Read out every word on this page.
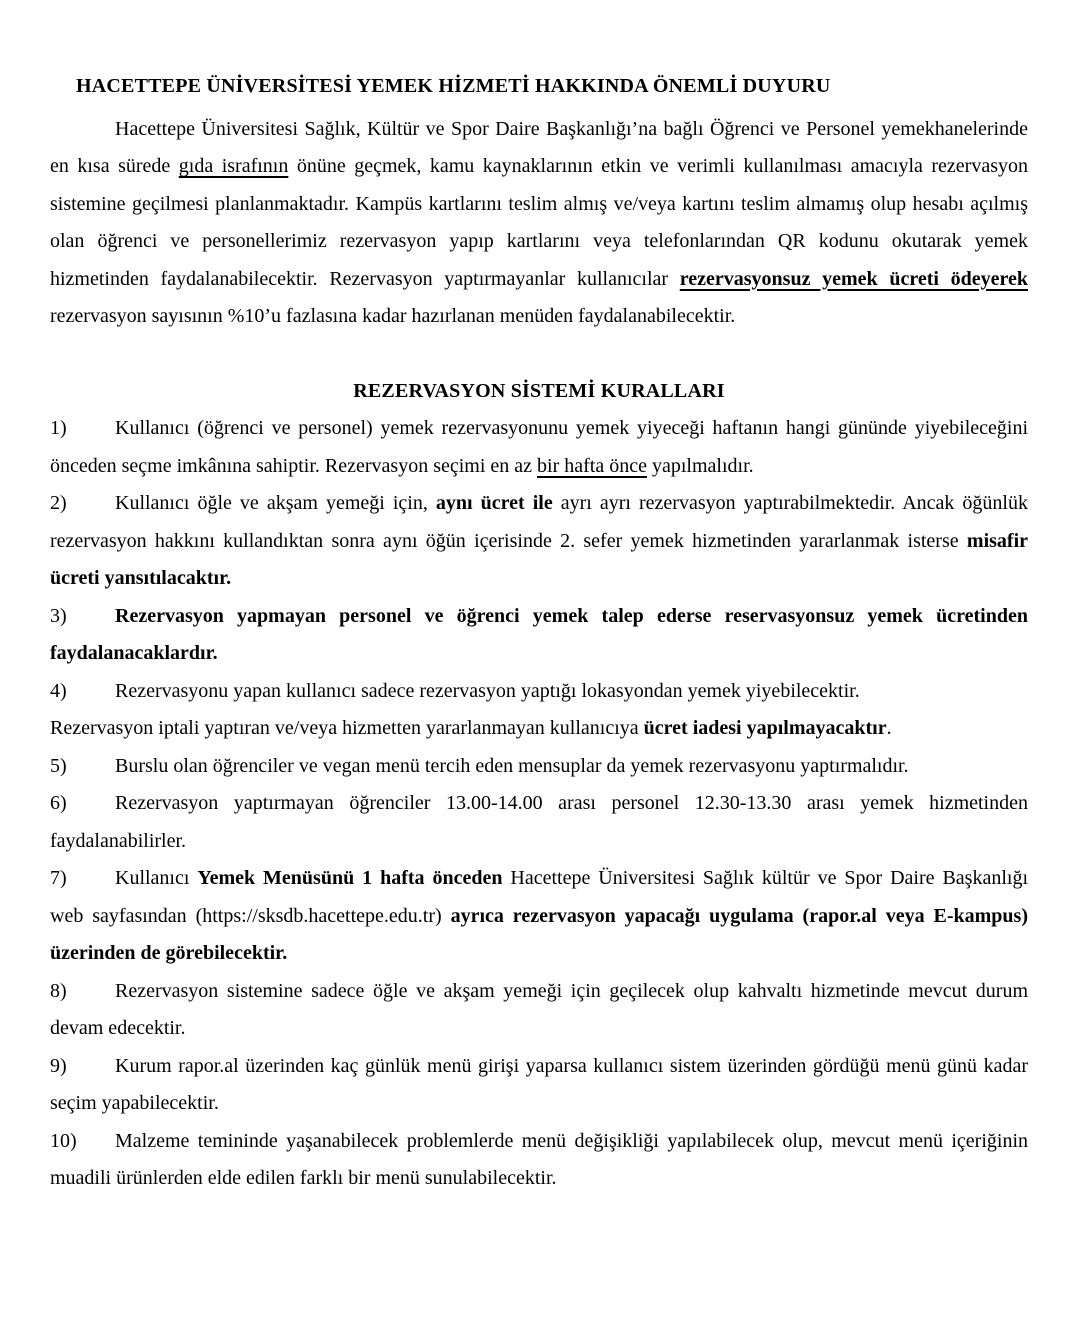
HACETTEPE ÜNİVERSİTESİ YEMEK HİZMETİ HAKKINDA ÖNEMLİ DUYURU
Hacettepe Üniversitesi Sağlık, Kültür ve Spor Daire Başkanlığı’na bağlı Öğrenci ve Personel yemekhanelerinde en kısa sürede gıda israfının önüne geçmek, kamu kaynaklarının etkin ve verimli kullanılması amacıyla rezervasyon sistemine geçilmesi planlanmaktadır. Kampüs kartlarını teslim almış ve/veya kartını teslim almamış olup hesabı açılmış olan öğrenci ve personellerimiz rezervasyon yapıp kartlarını veya telefonlarından QR kodunu okutarak yemek hizmetinden faydalanabilecektir. Rezervasyon yaptırmayanlar kullanıcılar rezervasyonsuz yemek ücreti ödeyerek rezervasyon sayısının %10’u fazlasına kadar hazırlanan menüden faydalanabilecektir.
REZERVASYON SİSTEMİ KURALLARI
1) Kullanıcı (öğrenci ve personel) yemek rezervasyonunu yemek yiyeceği haftanın hangi gününde yiyebileceğini önceden seçme imkânına sahiptir. Rezervasyon seçimi en az bir hafta önce yapılmalıdır.
2) Kullanıcı öğle ve akşam yemeği için, aynı ücret ile ayrı ayrı rezervasyon yaptırabilmektedir. Ancak öğünlük rezervasyon hakkını kullandıktan sonra aynı öğün içerisinde 2. sefer yemek hizmetinden yararlanmak isterse misafir ücreti yansıtılacaktır.
3) Rezervasyon yapmayan personel ve öğrenci yemek talep ederse reservasyonsuz yemek ücretinden faydalanacaklardır.
4) Rezervasyonu yapan kullanıcı sadece rezervasyon yaptığı lokasyondan yemek yiyebilecektir.
Rezervasyon iptali yaptıran ve/veya hizmetten yararlanmayan kullanıcıya ücret iadesi yapılmayacaktır.
5) Burslu olan öğrenciler ve vegan menü tercih eden mensuplar da yemek rezervasyonu yaptırmalıdır.
6) Rezervasyon yaptırmayan öğrenciler 13.00-14.00 arası personel 12.30-13.30 arası yemek hizmetinden faydalanabilirler.
7) Kullanıcı Yemek Menüsünü 1 hafta önceden Hacettepe Üniversitesi Sağlık kültür ve Spor Daire Başkanlığı web sayfasından (https://sksdb.hacettepe.edu.tr) ayrıca rezervasyon yapacağı uygulama (rapor.al veya E-kampus) üzerinden de görebilecektir.
8) Rezervasyon sistemine sadece öğle ve akşam yemeği için geçilecek olup kahvaltı hizmetinde mevcut durum devam edecektir.
9) Kurum rapor.al üzerinden kaç günlük menü girişi yaparsa kullanıcı sistem üzerinden gördüğü menü günü kadar seçim yapabilecektir.
10) Malzeme temininde yaşanabilecek problemlerde menü değişikliği yapılabilecek olup, mevcut menü içeriğinin muadili ürünlerden elde edilen farklı bir menü sunulabilecektir.
